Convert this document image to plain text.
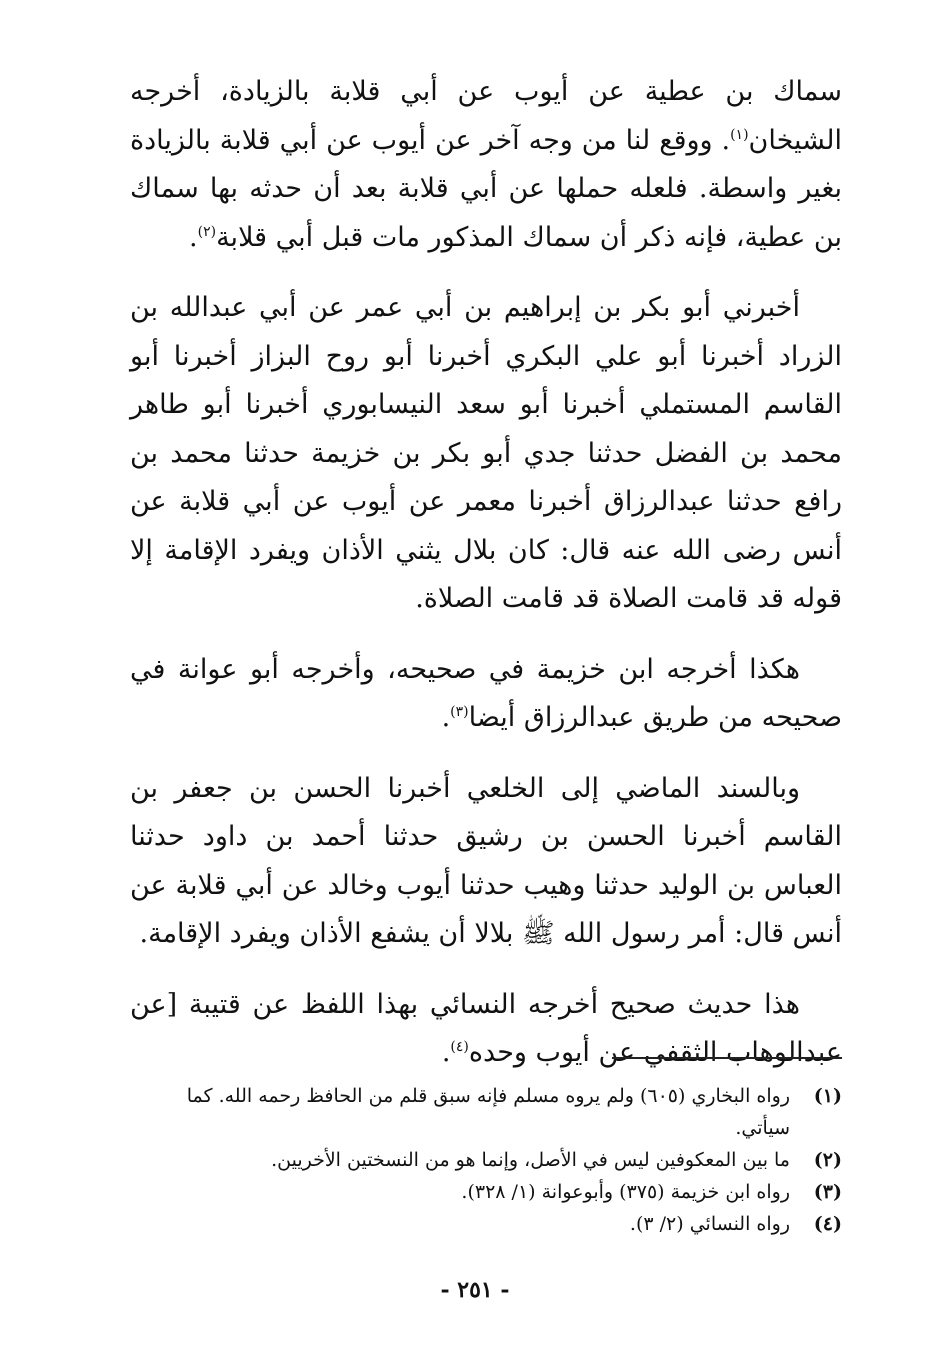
سماك بن عطية عن أيوب عن أبي قلابة بالزيادة، أخرجه الشيخان$^{(١)}$. ووقع لنا من وجه آخر عن أيوب عن أبي قلابة بالزيادة بغير واسطة. فلعله حملها عن أبي قلابة بعد أن حدثه بها سماك بن عطية، فإنه ذكر أن سماك المذكور مات قبل أبي قلابة$^{(٢)}$.

أخبرني أبو بكر بن إبراهيم بن أبي عمر عن أبي عبدالله بن الزراد أخبرنا أبو علي البكري أخبرنا أبو روح البزاز أخبرنا أبو القاسم المستملي أخبرنا أبو سعد النيسابوري أخبرنا أبو طاهر محمد بن الفضل حدثنا جدي أبو بكر بن خزيمة حدثنا محمد بن رافع حدثنا عبدالرزاق أخبرنا معمر عن أيوب عن أبي قلابة عن أنس رضى الله عنه قال: كان بلال يثني الأذان ويفرد الإقامة إلا قوله قد قامت الصلاة قد قامت الصلاة.

هكذا أخرجه ابن خزيمة في صحيحه، وأخرجه أبو عوانة في صحيحه من طريق عبدالرزاق أيضا$^{(٣)}$.

وبالسند الماضي إلى الخلعي أخبرنا الحسن بن جعفر بن القاسم أخبرنا الحسن بن رشيق حدثنا أحمد بن داود حدثنا العباس بن الوليد حدثنا وهيب حدثنا أيوب وخالد عن أبي قلابة عن أنس قال: أمر رسول الله ﷺ بلالا أن يشفع الأذان ويفرد الإقامة.

هذا حديث صحيح أخرجه النسائي بهذا اللفظ عن قتيبة [عن عبدالوهاب الثقفي عن أيوب وحده$^{(٤)}$.

(١)
رواه البخاري (٦٠٥) ولم يروه مسلم فإنه سبق قلم من الحافظ رحمه الله. كما سيأتي.
(٢)
ما بين المعكوفين ليس في الأصل، وإنما هو من النسختين الأخريين.
(٣)
رواه ابن خزيمة (٣٧٥) وأبوعوانة (١/ ٣٢٨).
(٤)
رواه النسائي (٢/ ٣).
- ٢٥١ -
